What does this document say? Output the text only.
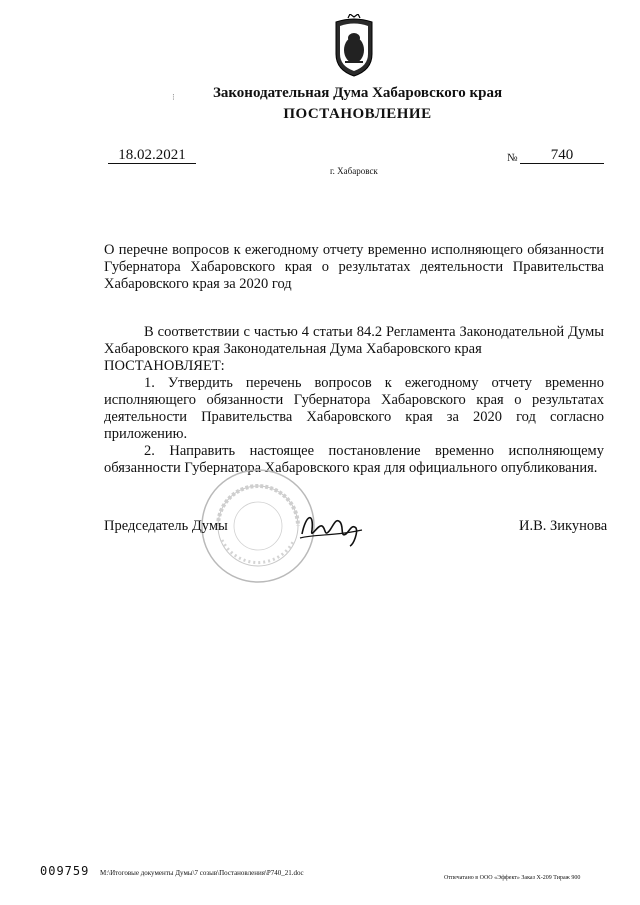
⁝	Законодательная Дума Хабаровского края
ПОСТАНОВЛЕНИЕ
18.02.2021	№	740
г. Хабаровск
О перечне вопросов к ежегодному отчету временно исполняющего обязанности Губернатора Хабаровского края о результатах деятельности Правительства Хабаровского края за 2020 год

В соответствии с частью 4 статьи 84.2 Регламента Законодательной Думы Хабаровского края Законодательная Дума Хабаровского края

ПОСТАНОВЛЯЕТ:

1. Утвердить перечень вопросов к ежегодному отчету временно исполняющего обязанности Губернатора Хабаровского края о результатах деятельности Правительства Хабаровского края за 2020 год согласно приложению.

2. Направить настоящее постановление временно исполняющему обязанности Губернатора Хабаровского края для официального опубликования.

Председатель Думы	И.В. Зикунова
009759 М:\Итоговые документы Думы\7 созыв\Постановления\Р740_21.doc
Отпечатано в ООО «Эффект» Заказ Х-209 Тираж 900
